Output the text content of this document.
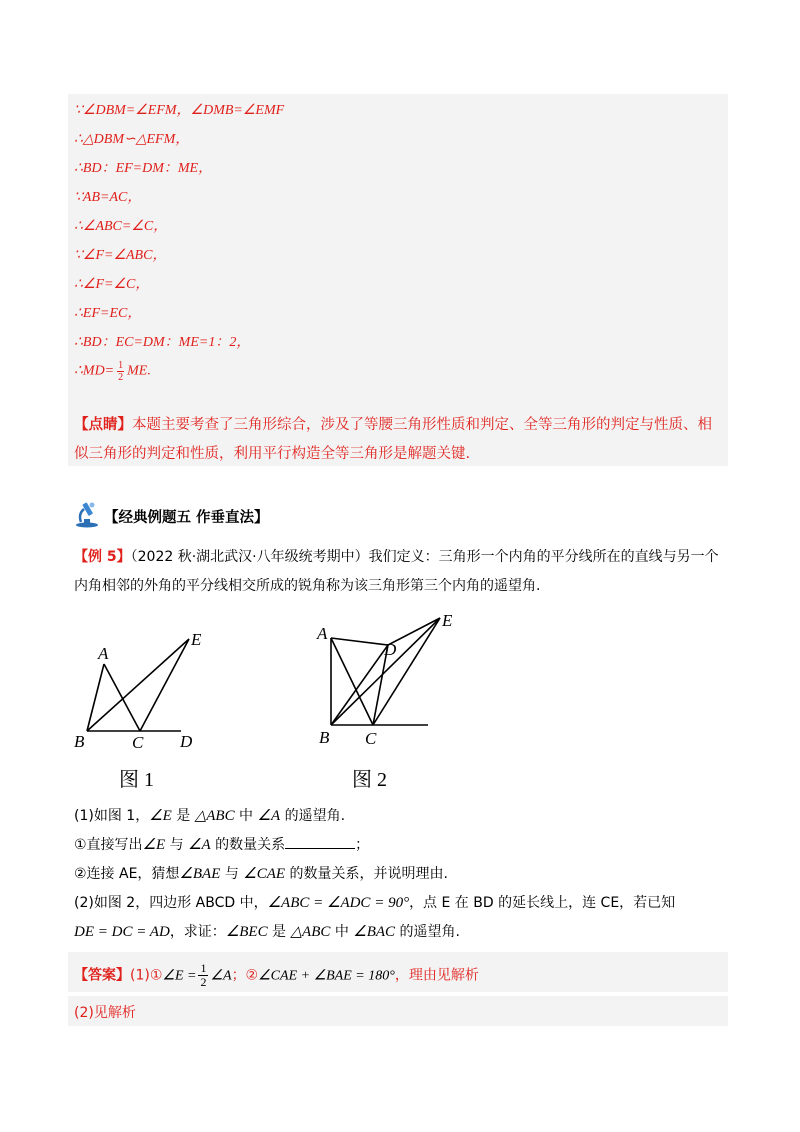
∵∠DBM=∠EFM，∠DMB=∠EMF
∴△DBM∽△EFM，
∴BD：EF=DM：ME，
∵AB=AC，
∴∠ABC=∠C，
∵∠F=∠ABC，
∴∠F=∠C，
∴EF=EC，
∴BD：EC=DM：ME=1：2，
∴MD= $\frac{1}{2}$ ME.
【点睛】本题主要考查了三角形综合，涉及了等腰三角形性质和判定、全等三角形的判定与性质、相似三角形的判定和性质，利用平行构造全等三角形是解题关键.
【经典例题五 作垂直法】
【例 5】（2022 秋·湖北武汉·八年级统考期中）我们定义：三角形一个内角的平分线所在的直线与另一个内角相邻的外角的平分线相交所成的锐角称为该三角形第三个内角的遥望角.
A
E
B	C D
A
D
E
B C
图 1	图 2
(1)如图 1，∠E 是 △ABC 中 ∠A 的遥望角.
①直接写出∠E 与 ∠A 的数量关系	；
②连接 AE，猜想∠BAE 与 ∠CAE 的数量关系，并说明理由.
(2)如图 2，四边形 ABCD 中，∠ABC = ∠ADC = 90°，点 E 在 BD 的延长线上，连 CE，若已知
DE = DC = AD，求证：∠BEC 是 △ABC 中 ∠BAC 的遥望角.
【答案】(1)①∠E = $\frac{1}{2}$ ∠A；②∠CAE + ∠BAE = 180°，理由见解析
(2)见解析
